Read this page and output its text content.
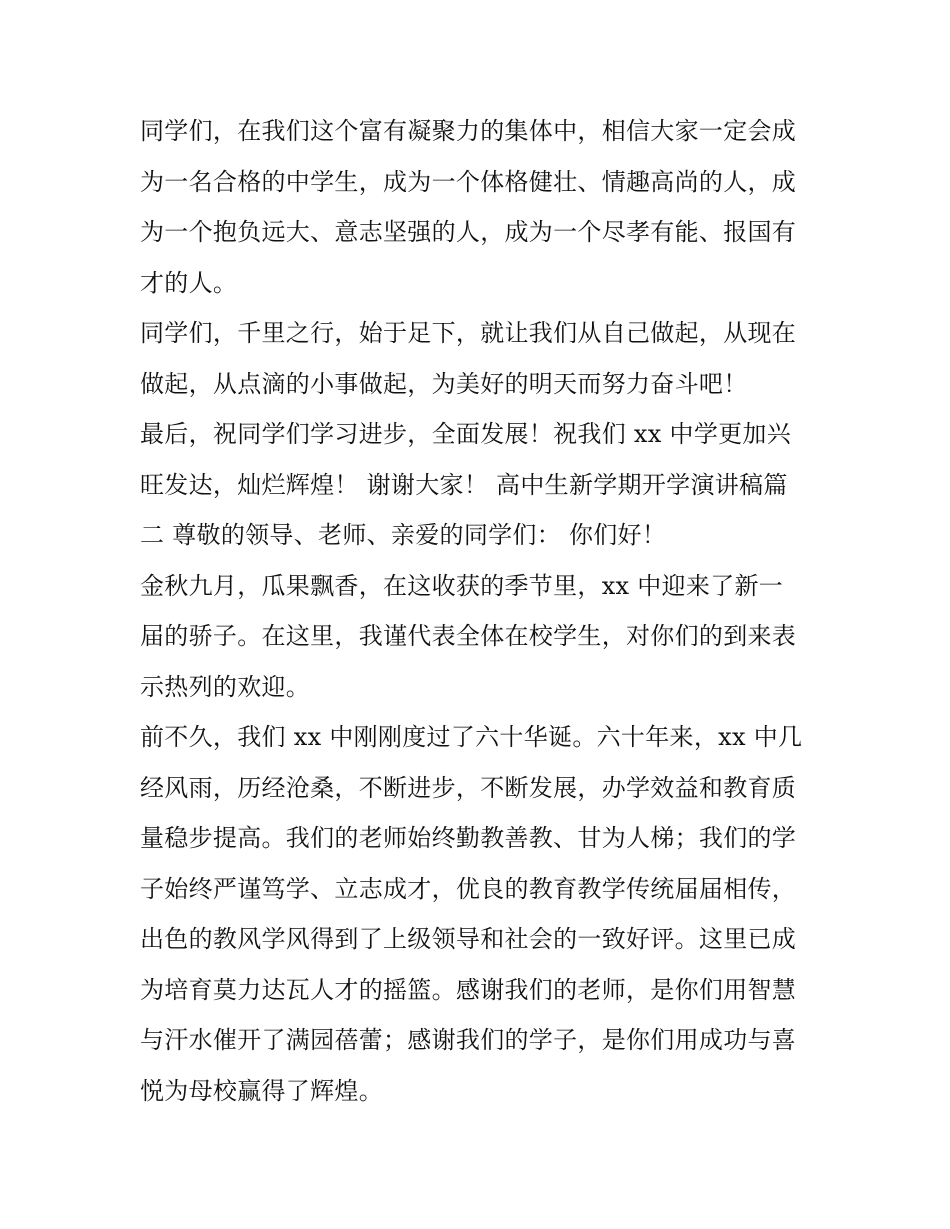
同学们，在我们这个富有凝聚力的集体中，相信大家一定会成
为一名合格的中学生，成为一个体格健壮、情趣高尚的人，成
为一个抱负远大、意志坚强的人，成为一个尽孝有能、报国有
才的人。
同学们，千里之行，始于足下，就让我们从自己做起，从现在
做起，从点滴的小事做起，为美好的明天而努力奋斗吧！
最后，祝同学们学习进步，全面发展！祝我们 xx 中学更加兴
旺发达，灿烂辉煌！ 谢谢大家！ 高中生新学期开学演讲稿篇
二 尊敬的领导、老师、亲爱的同学们： 你们好！
金秋九月，瓜果飘香，在这收获的季节里，xx 中迎来了新一
届的骄子。在这里，我谨代表全体在校学生，对你们的到来表
示热列的欢迎。
前不久，我们 xx 中刚刚度过了六十华诞。六十年来，xx 中几
经风雨，历经沧桑，不断进步，不断发展，办学效益和教育质
量稳步提高。我们的老师始终勤教善教、甘为人梯；我们的学
子始终严谨笃学、立志成才，优良的教育教学传统届届相传，
出色的教风学风得到了上级领导和社会的一致好评。这里已成
为培育莫力达瓦人才的摇篮。感谢我们的老师，是你们用智慧
与汗水催开了满园蓓蕾；感谢我们的学子，是你们用成功与喜
悦为母校赢得了辉煌。
